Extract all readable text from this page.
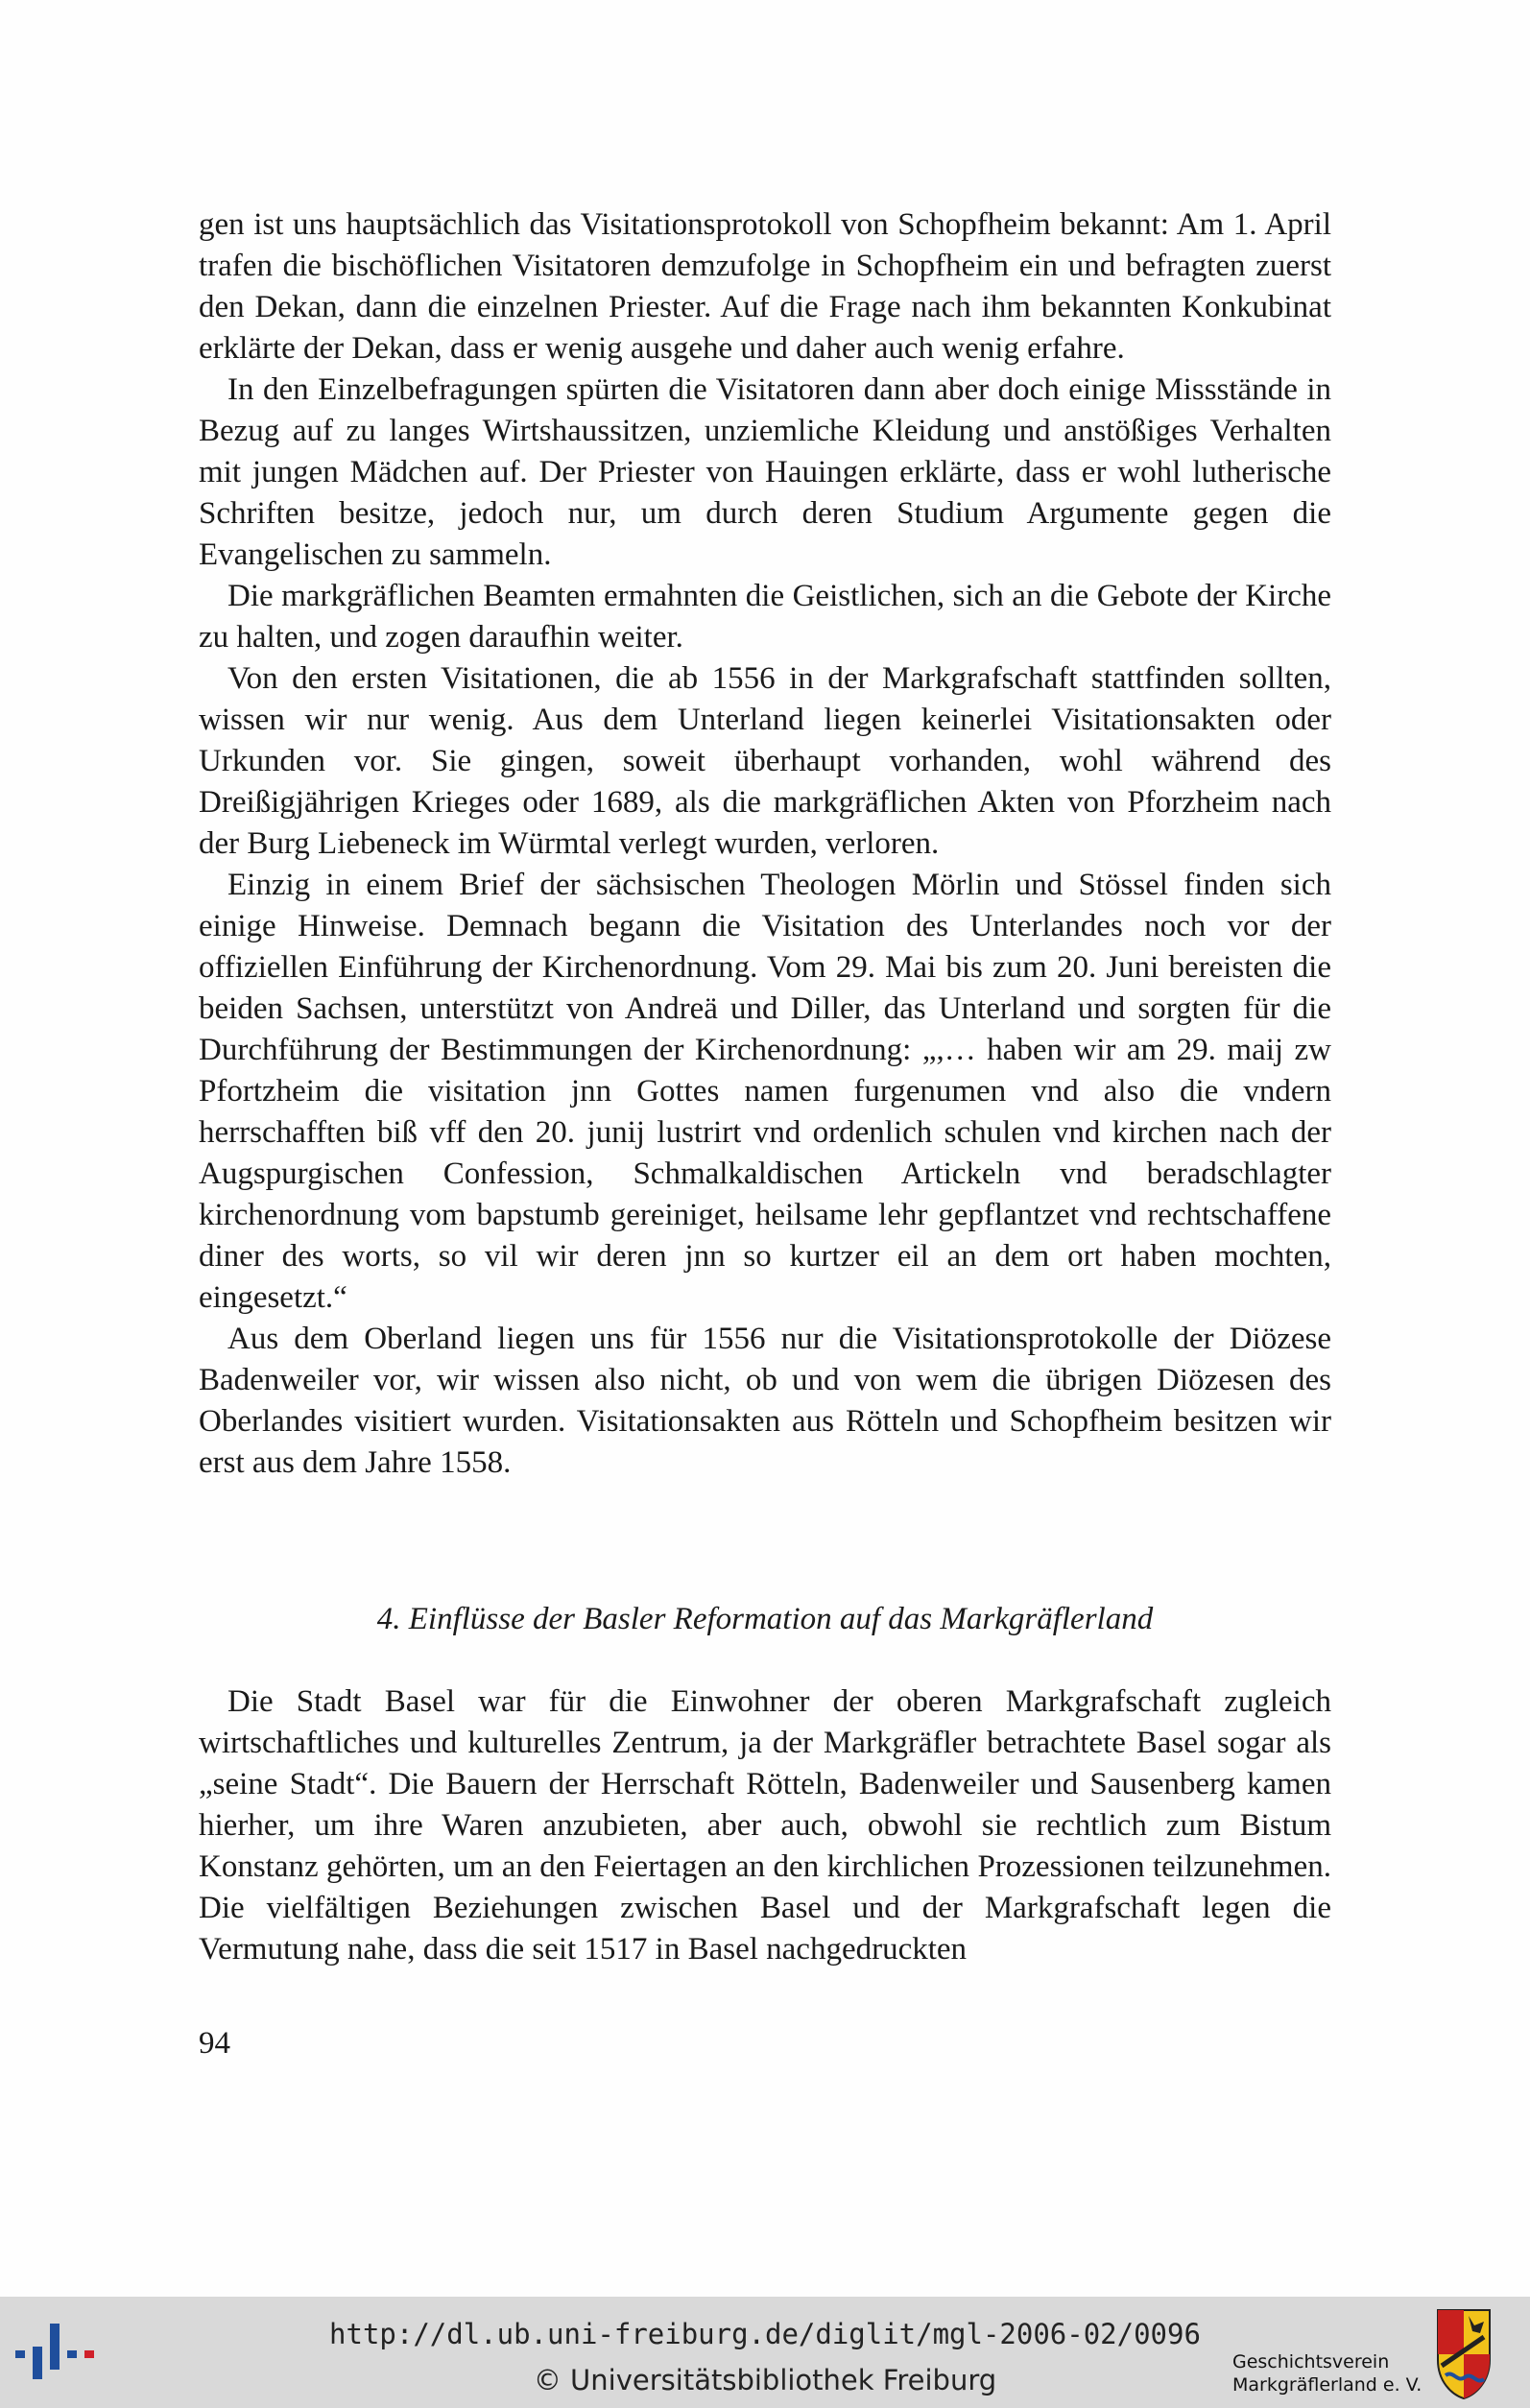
gen ist uns hauptsächlich das Visitationsprotokoll von Schopfheim bekannt: Am 1. April trafen die bischöflichen Visitatoren demzufolge in Schopfheim ein und befragten zuerst den Dekan, dann die einzelnen Priester. Auf die Frage nach ihm bekannten Konkubinat erklärte der Dekan, dass er wenig ausgehe und daher auch wenig erfahre.

In den Einzelbefragungen spürten die Visitatoren dann aber doch einige Missstände in Bezug auf zu langes Wirtshaussitzen, unziemliche Kleidung und anstößiges Verhalten mit jungen Mädchen auf. Der Priester von Hauingen erklärte, dass er wohl lutherische Schriften besitze, jedoch nur, um durch deren Studium Argumente gegen die Evangelischen zu sammeln.

Die markgräflichen Beamten ermahnten die Geistlichen, sich an die Gebote der Kirche zu halten, und zogen daraufhin weiter.

Von den ersten Visitationen, die ab 1556 in der Markgrafschaft stattfinden sollten, wissen wir nur wenig. Aus dem Unterland liegen keinerlei Visitationsakten oder Urkunden vor. Sie gingen, soweit überhaupt vorhanden, wohl während des Dreißigjährigen Krieges oder 1689, als die markgräflichen Akten von Pforzheim nach der Burg Liebeneck im Würmtal verlegt wurden, verloren.

Einzig in einem Brief der sächsischen Theologen Mörlin und Stössel finden sich einige Hinweise. Demnach begann die Visitation des Unterlandes noch vor der offiziellen Einführung der Kirchenordnung. Vom 29. Mai bis zum 20. Juni bereisten die beiden Sachsen, unterstützt von Andreä und Diller, das Unterland und sorgten für die Durchführung der Bestimmungen der Kirchenordnung: „,… haben wir am 29. maij zw Pfortzheim die visitation jnn Gottes namen furgenumen vnd also die vndern herrschafften biß vff den 20. junij lustrirt vnd ordenlich schulen vnd kirchen nach der Augspurgischen Confession, Schmalkaldischen Artickeln vnd beradschlagter kirchenordnung vom bapstumb gereiniget, heilsame lehr gepflantzet vnd rechtschaffene diner des worts, so vil wir deren jnn so kurtzer eil an dem ort haben mochten, eingesetzt.“

Aus dem Oberland liegen uns für 1556 nur die Visitationsprotokolle der Diözese Badenweiler vor, wir wissen also nicht, ob und von wem die übrigen Diözesen des Oberlandes visitiert wurden. Visitationsakten aus Rötteln und Schopfheim besitzen wir erst aus dem Jahre 1558.

4. Einflüsse der Basler Reformation auf das Markgräflerland

Die Stadt Basel war für die Einwohner der oberen Markgrafschaft zugleich wirtschaftliches und kulturelles Zentrum, ja der Markgräfler betrachtete Basel sogar als „seine Stadt“. Die Bauern der Herrschaft Rötteln, Badenweiler und Sausenberg kamen hierher, um ihre Waren anzubieten, aber auch, obwohl sie rechtlich zum Bistum Konstanz gehörten, um an den Feiertagen an den kirchlichen Prozessionen teilzunehmen. Die vielfältigen Beziehungen zwischen Basel und der Markgrafschaft legen die Vermutung nahe, dass die seit 1517 in Basel nachgedruckten

94
http://dl.ub.uni-freiburg.de/diglit/mgl-2006-02/0096
© Universitätsbibliothek Freiburg
Geschichtsverein
Markgräflerland e. V.
